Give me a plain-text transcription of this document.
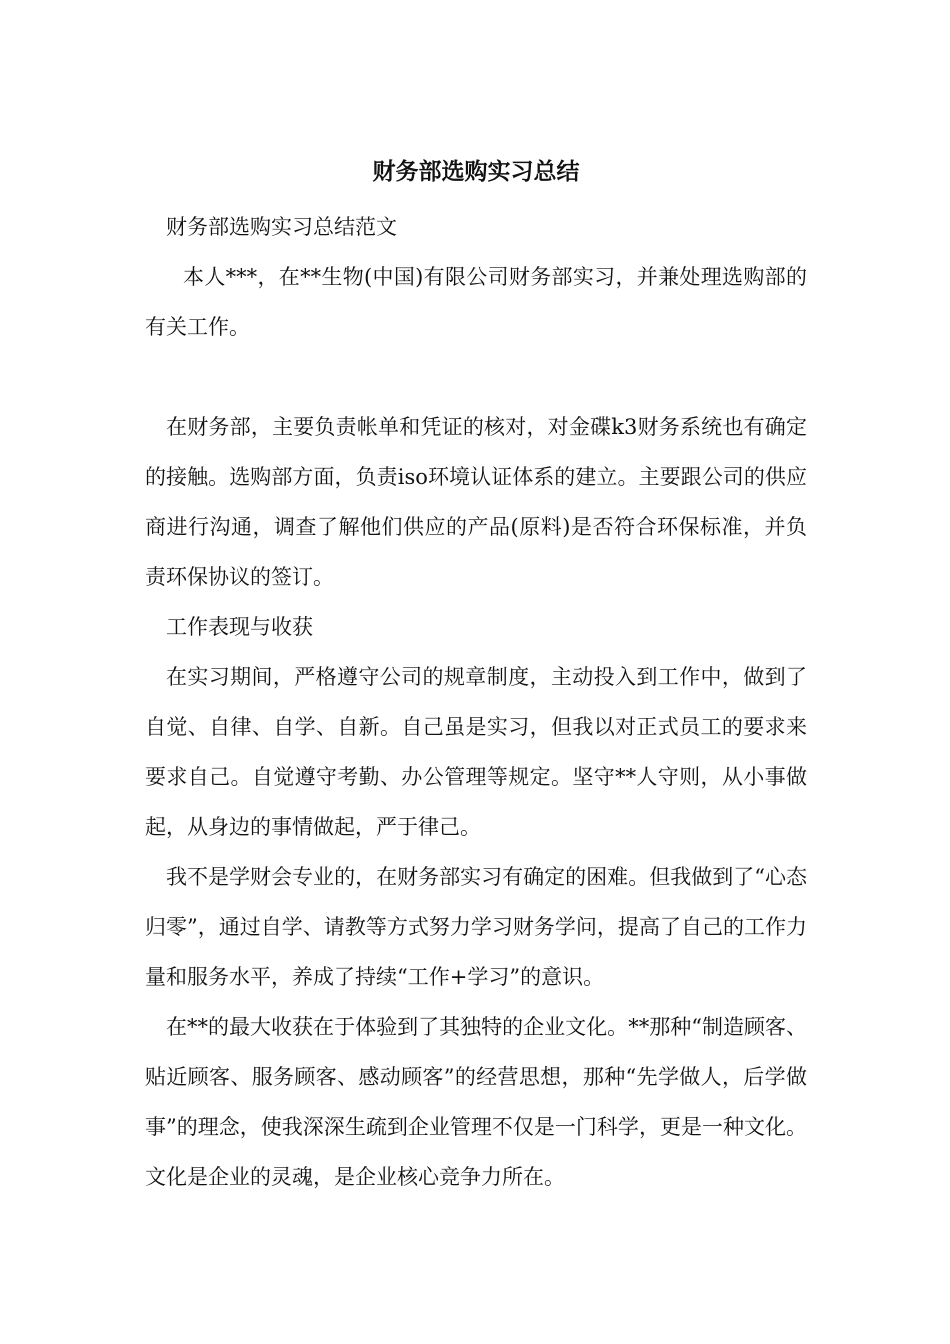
财务部选购实习总结

财务部选购实习总结范文

本人***，在**生物(中国)有限公司财务部实习，并兼处理选购部的有关工作。

在财务部，主要负责帐单和凭证的核对，对金碟k3财务系统也有确定的接触。选购部方面，负责iso环境认证体系的建立。主要跟公司的供应商进行沟通，调查了解他们供应的产品(原料)是否符合环保标准，并负责环保协议的签订。

工作表现与收获

在实习期间，严格遵守公司的规章制度，主动投入到工作中，做到了自觉、自律、自学、自新。自己虽是实习，但我以对正式员工的要求来要求自己。自觉遵守考勤、办公管理等规定。坚守**人守则，从小事做起，从身边的事情做起，严于律己。

我不是学财会专业的，在财务部实习有确定的困难。但我做到了“心态归零”，通过自学、请教等方式努力学习财务学问，提高了自己的工作力量和服务水平，养成了持续“工作+学习”的意识。

在**的最大收获在于体验到了其独特的企业文化。**那种“制造顾客、贴近顾客、服务顾客、感动顾客”的经营思想，那种“先学做人，后学做事”的理念，使我深深生疏到企业管理不仅是一门科学，更是一种文化。文化是企业的灵魂，是企业核心竞争力所在。
